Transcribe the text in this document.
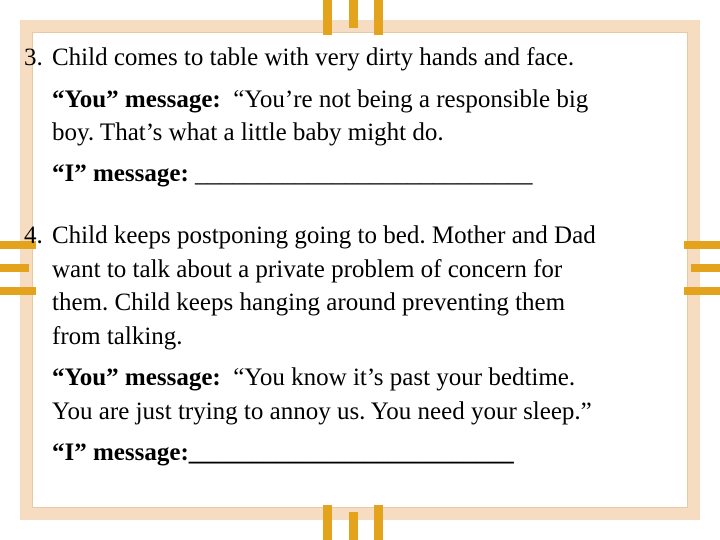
3. Child comes to table with very dirty hands and face.
“You” message: “You’re not being a responsible big
boy. That’s what a little baby might do.
“I” message: ___________________________
4. Child keeps postponing going to bed. Mother and Dad
want to talk about a private problem of concern for
them. Child keeps hanging around preventing them
from talking.
“You” message: “You know it’s past your bedtime.
You are just trying to annoy us. You need your sleep.”
“I” message:__________________________
